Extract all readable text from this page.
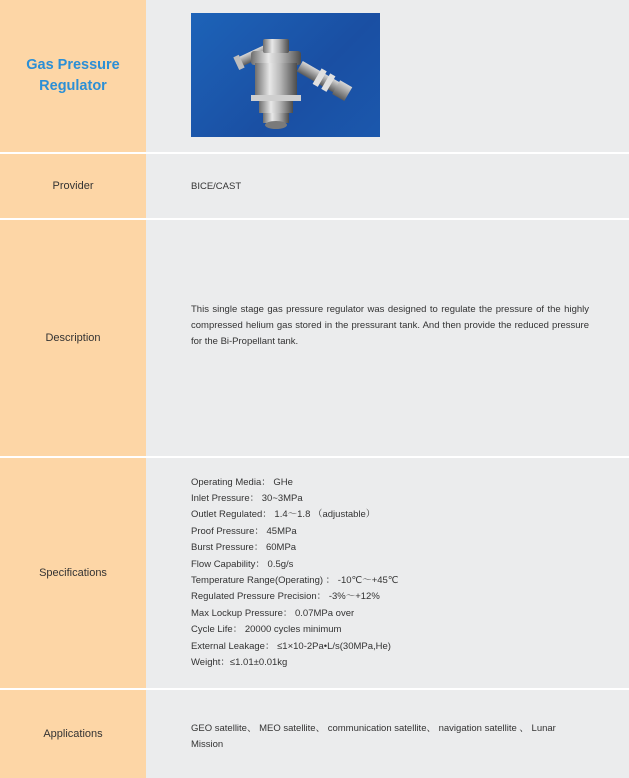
Gas Pressure
Regulator
Provider	BICE/CAST
Description
This single stage gas pressure regulator was designed to regulate the pressure of the highly compressed helium gas stored in the pressurant tank. And then provide the reduced pressure for the Bi-Propellant tank.
Specifications
Operating Media： GHe
Inlet Pressure： 30~3MPa
Outlet Regulated： 1.4～1.8 （adjustable）
Proof Pressure： 45MPa
Burst Pressure： 60MPa
Flow Capability： 0.5g/s
Temperature Range(Operating) ： -10℃～+45℃
Regulated Pressure Precision： -3%～+12%
Max Lockup Pressure： 0.07MPa over
Cycle Life： 20000 cycles minimum
External Leakage： ≤1×10-2Pa•L/s(30MPa,He)
Weight：≤1.01±0.01kg
Applications	GEO satellite、 MEO satellite、 communication satellite、 navigation satellite 、 Lunar Mission
